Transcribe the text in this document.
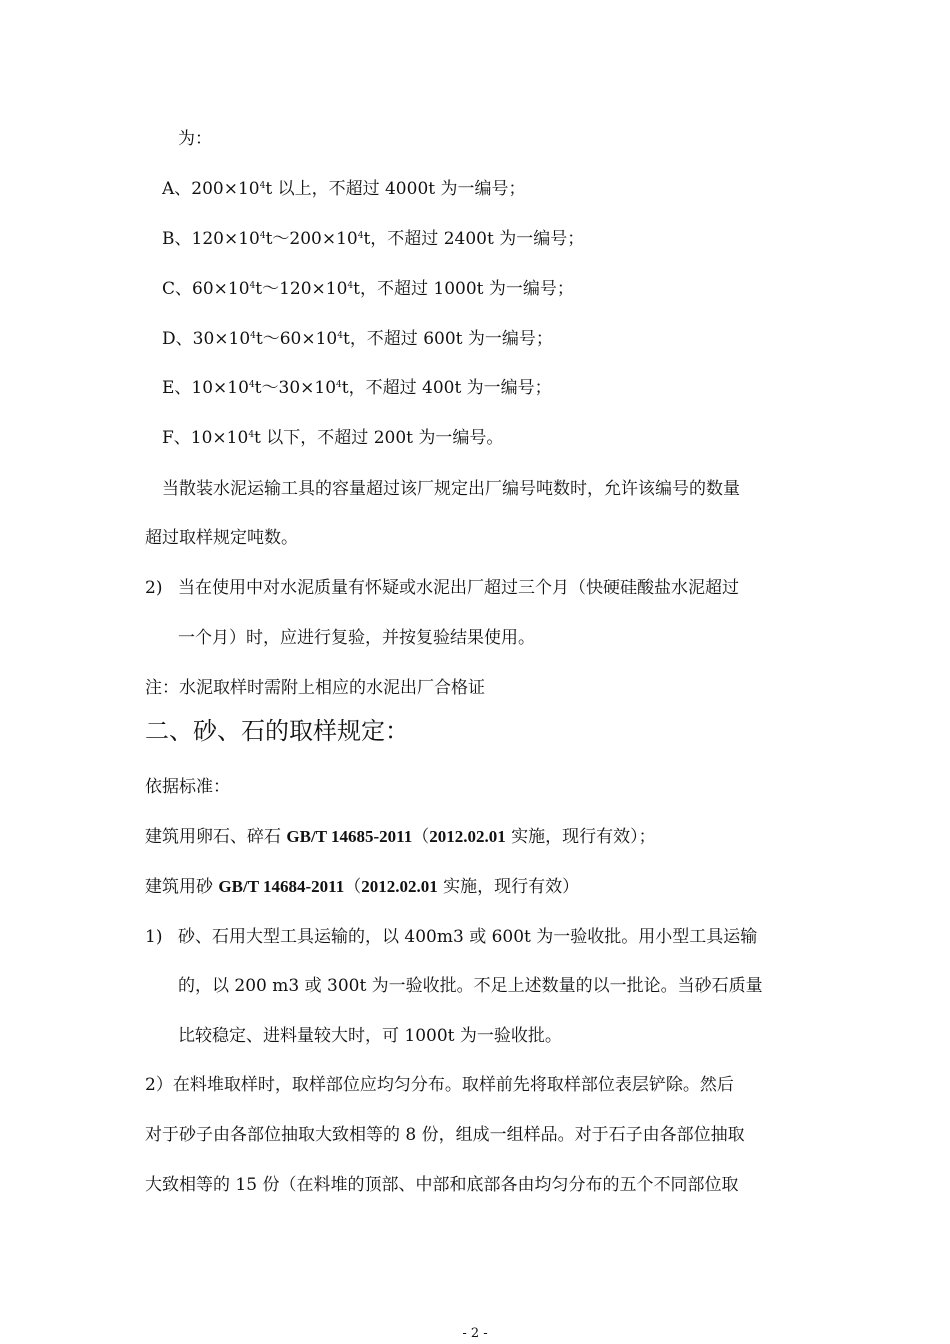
为：
A、$200\times 10^4t$ 以上，不超过 4000t 为一编号；
B、$120\times 10^4t\sim 200\times 10^4t$，不超过 2400t 为一编号；
C、$60\times 10^4t\sim 120\times 10^4t$，不超过 1000t 为一编号；
D、$30\times 10^4t\sim 60\times 10^4t$，不超过 600t 为一编号；
E、$10\times 10^4t\sim 30\times 10^4t$，不超过 400t 为一编号；
F、$10\times 10^4t$ 以下，不超过 200t 为一编号。
当散装水泥运输工具的容量超过该厂规定出厂编号吨数时，允许该编号的数量
超过取样规定吨数。
2) 当在使用中对水泥质量有怀疑或水泥出厂超过三个月（快硬硅酸盐水泥超过
一个月）时，应进行复验，并按复验结果使用。
注：水泥取样时需附上相应的水泥出厂合格证
二、砂、石的取样规定：
依据标准：
建筑用卵石、碎石 GB/T 14685-2011（2012.02.01 实施，现行有效）；
建筑用砂 GB/T 14684-2011（2012.02.01 实施，现行有效）
1) 砂、石用大型工具运输的，以 400m3 或 600t 为一验收批。用小型工具运输
的，以 200 m3 或 300t 为一验收批。不足上述数量的以一批论。当砂石质量
比较稳定、进料量较大时，可 1000t 为一验收批。
2）在料堆取样时，取样部位应均匀分布。取样前先将取样部位表层铲除。然后
对于砂子由各部位抽取大致相等的 8 份，组成一组样品。对于石子由各部位抽取
大致相等的 15 份（在料堆的顶部、中部和底部各由均匀分布的五个不同部位取
- 2 -
